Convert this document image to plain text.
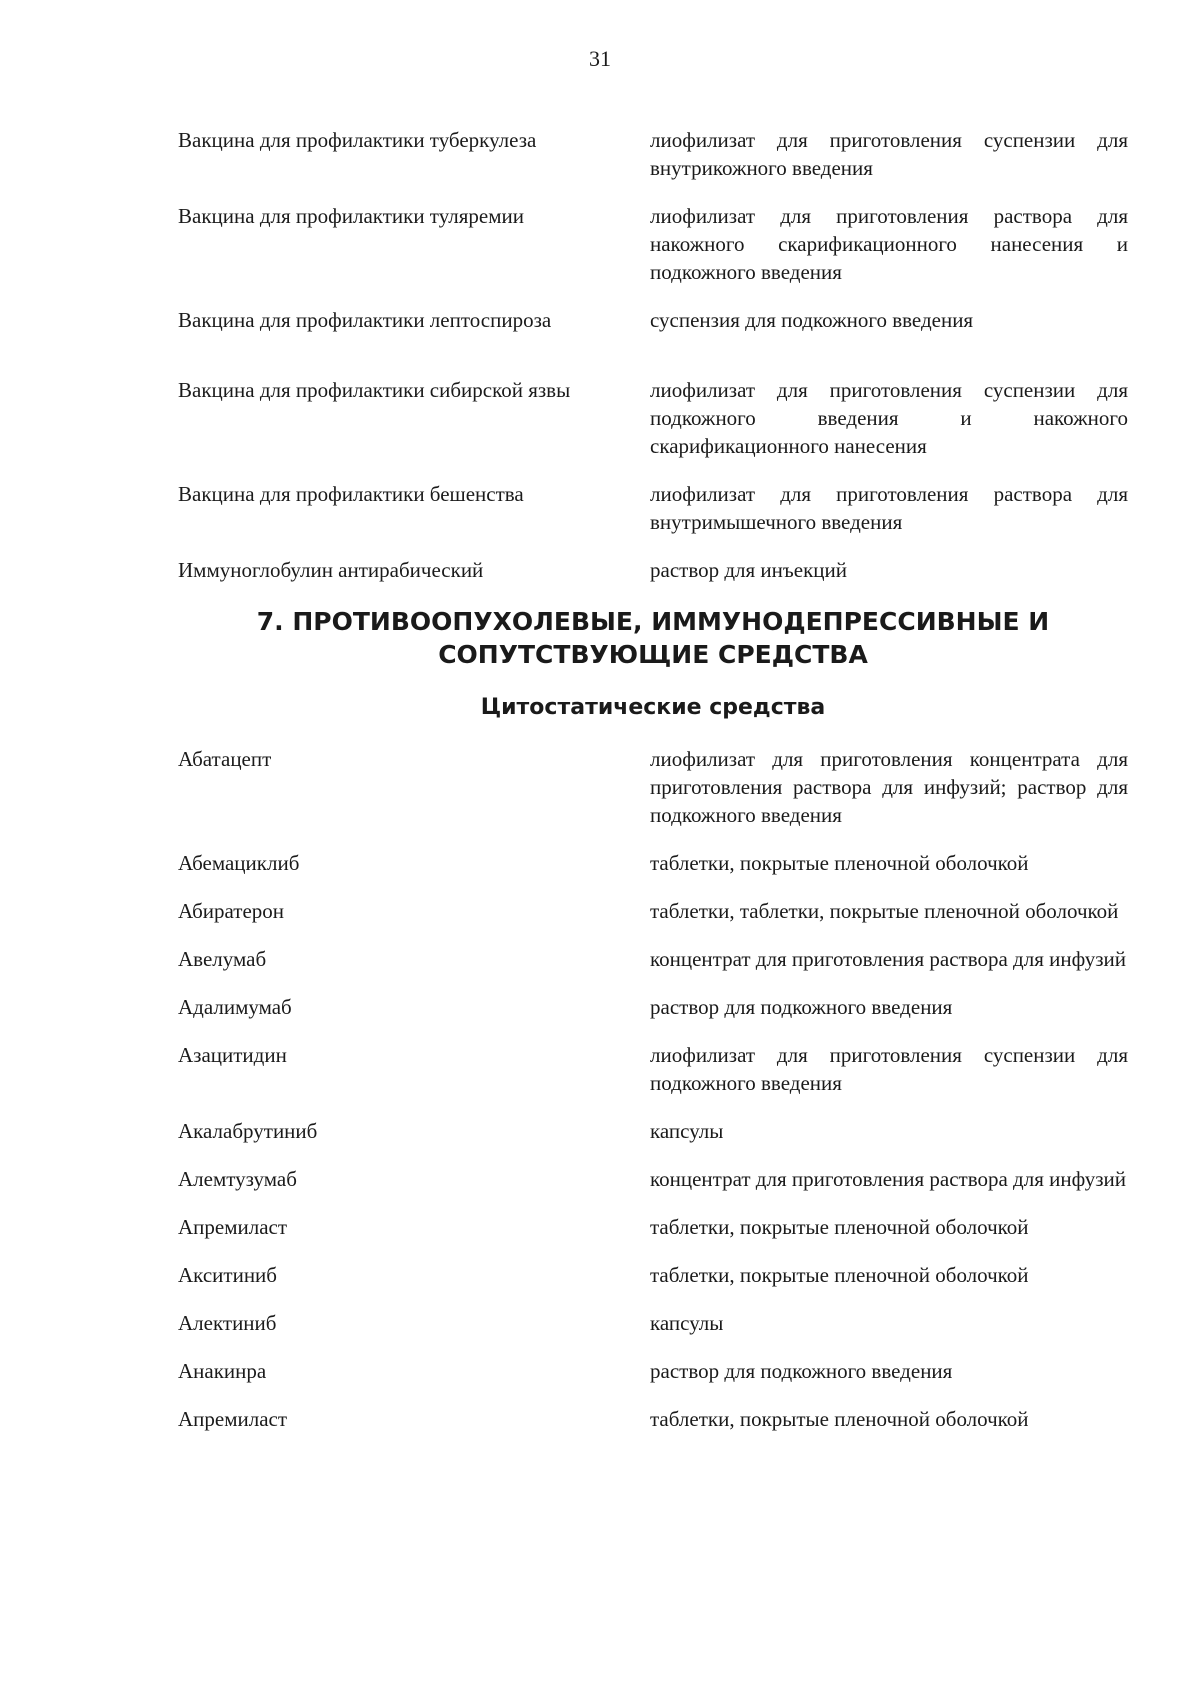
31
Вакцина для профилактики туберкулеза	лиофилизат для приготовления суспензии для внутрикожного введения
Вакцина для профилактики туляремии	лиофилизат для приготовления раствора для накожного скарификационного нанесения и подкожного введения
Вакцина для профилактики лептоспироза	суспензия для подкожного введения
Вакцина для профилактики сибирской язвы	лиофилизат для приготовления суспензии для подкожного введения и накожного скарификационного нанесения
Вакцина для профилактики бешенства	лиофилизат для приготовления раствора для внутримышечного введения
Иммуноглобулин антирабический	раствор для инъекций
7. ПРОТИВООПУХОЛЕВЫЕ, ИММУНОДЕПРЕССИВНЫЕ И
СОПУТСТВУЮЩИЕ СРЕДСТВА
Цитостатические средства
Абатацепт	лиофилизат для приготовления концентрата для приготовления раствора для инфузий; раствор для подкожного введения
Абемациклиб	таблетки, покрытые пленочной оболочкой
Абиратерон	таблетки, таблетки, покрытые пленочной оболочкой
Авелумаб	концентрат для приготовления раствора для инфузий
Адалимумаб	раствор для подкожного введения
Азацитидин	лиофилизат для приготовления суспензии для подкожного введения
Акалабрутиниб	капсулы
Алемтузумаб	концентрат для приготовления раствора для инфузий
Апремиласт	таблетки, покрытые пленочной оболочкой
Акситиниб	таблетки, покрытые пленочной оболочкой
Алектиниб	капсулы
Анакинра	раствор для подкожного введения
Апремиласт	таблетки, покрытые пленочной оболочкой
